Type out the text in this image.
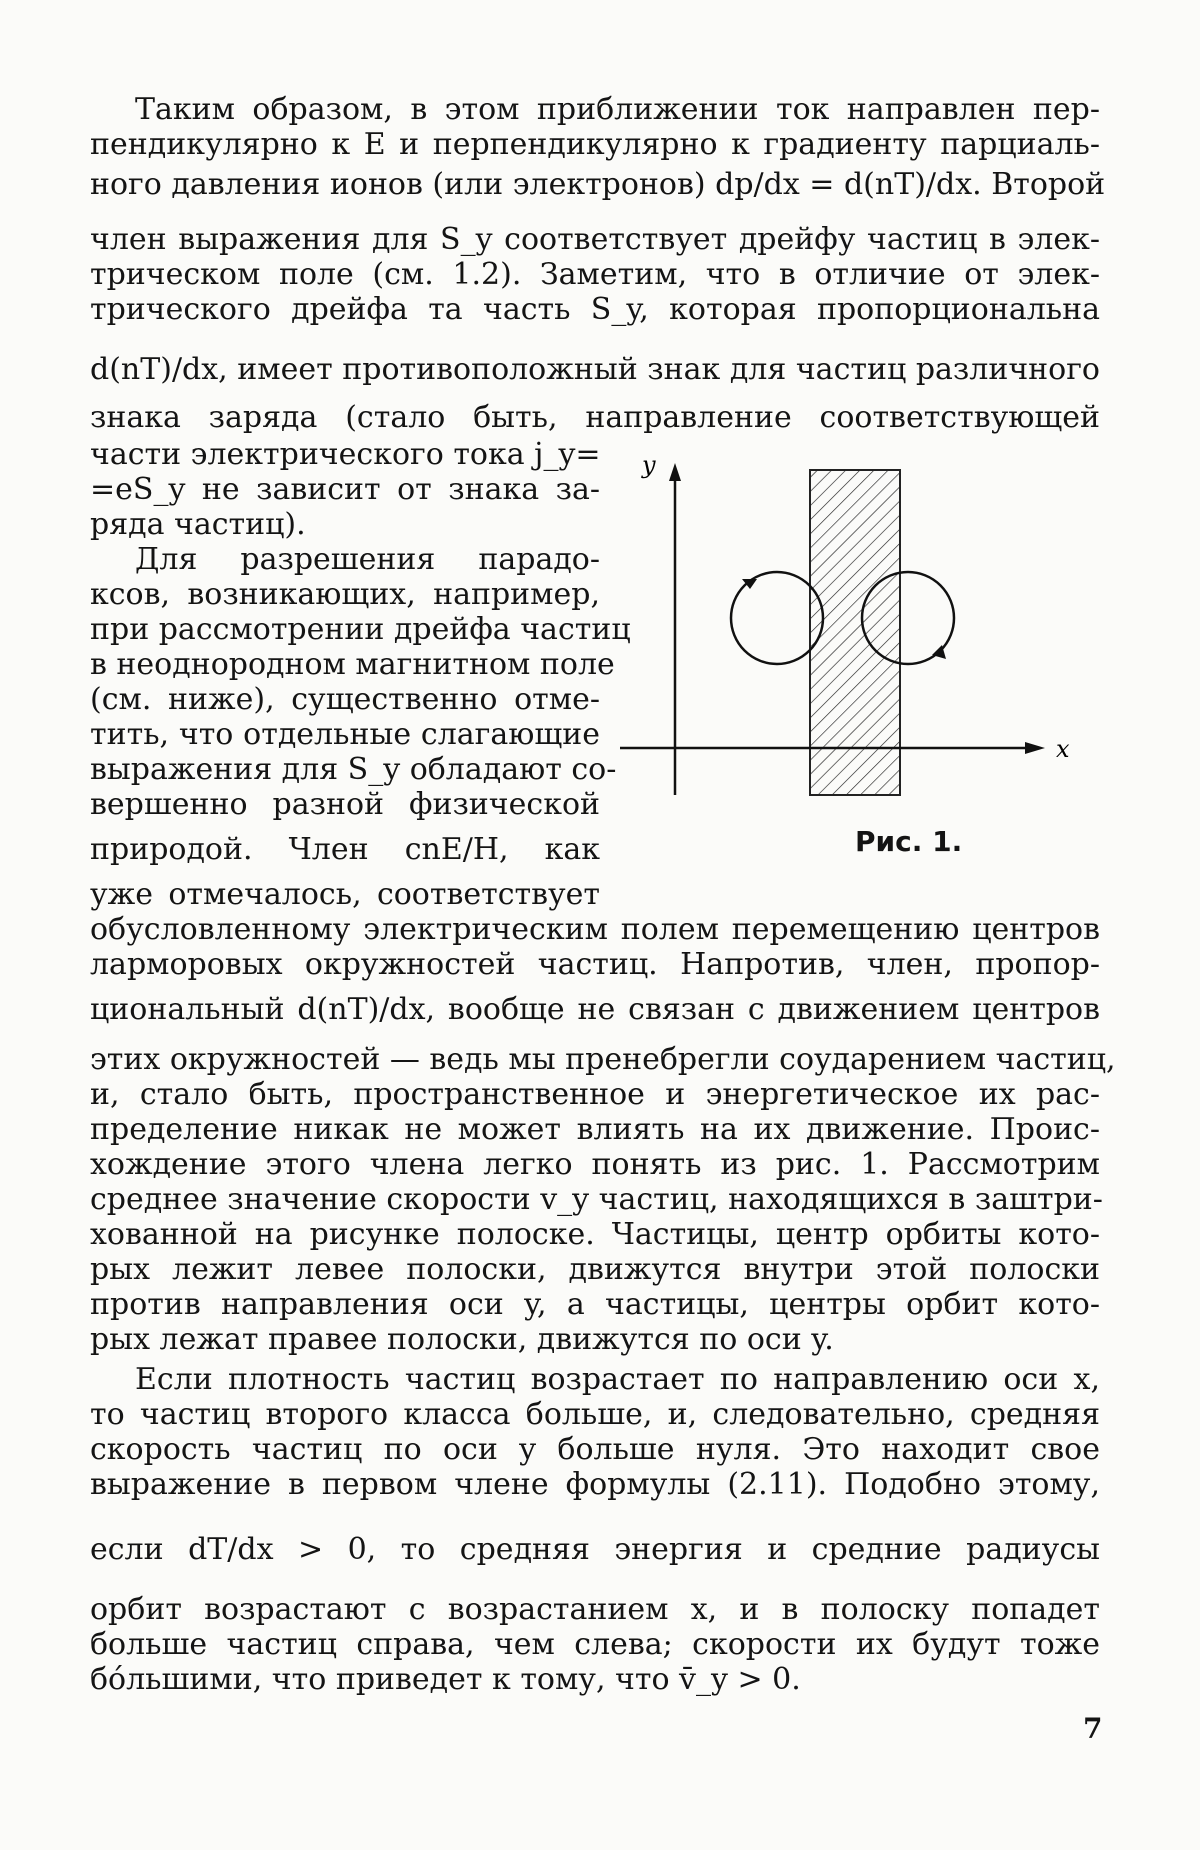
Таким образом, в этом приближении ток направлен пер-
пендикулярно к E и перпендикулярно к градиенту парциаль-
ного давления ионов (или электронов) dp/dx = d(nT)/dx. Второй
член выражения для S_y соответствует дрейфу частиц в элек-
трическом поле (см. 1.2). Заметим, что в отличие от элек-
трического дрейфа та часть S_y, которая пропорциональна
d(nT)/dx, имеет противоположный знак для частиц различного
знака заряда (стало быть, направление соответствующей
части электрического тока j_y=
=eS_y не зависит от знака за-
ряда частиц).
Для разрешения парадо-
ксов, возникающих, например,
при рассмотрении дрейфа частиц
в неоднородном магнитном поле
(см. ниже), существенно отме-
тить, что отдельные слагающие
выражения для S_y обладают со-
вершенно разной физической
природой. Член cnE/H, как
уже отмечалось, соответствует
обусловленному электрическим полем перемещению центров
ларморовых окружностей частиц. Напротив, член, пропор-
циональный d(nT)/dx, вообще не связан с движением центров
этих окружностей — ведь мы пренебрегли соударением частиц,
и, стало быть, пространственное и энергетическое их рас-
пределение никак не может влиять на их движение. Проис-
хождение этого члена легко понять из рис. 1. Рассмотрим
среднее значение скорости v_y частиц, находящихся в заштри-
хованной на рисунке полоске. Частицы, центр орбиты кото-
рых лежит левее полоски, движутся внутри этой полоски
против направления оси y, а частицы, центры орбит кото-
рых лежат правее полоски, движутся по оси y.
Если плотность частиц возрастает по направлению оси x,
то частиц второго класса больше, и, следовательно, средняя
скорость частиц по оси y больше нуля. Это находит свое
выражение в первом члене формулы (2.11). Подобно этому,
если dT/dx > 0, то средняя энергия и средние радиусы
орбит возрастают с возрастанием x, и в полоску попадет
больше частиц справа, чем слева; скорости их будут тоже
бóльшими, что приведет к тому, что v̄_y > 0.
y
x
Рис. 1.
7
